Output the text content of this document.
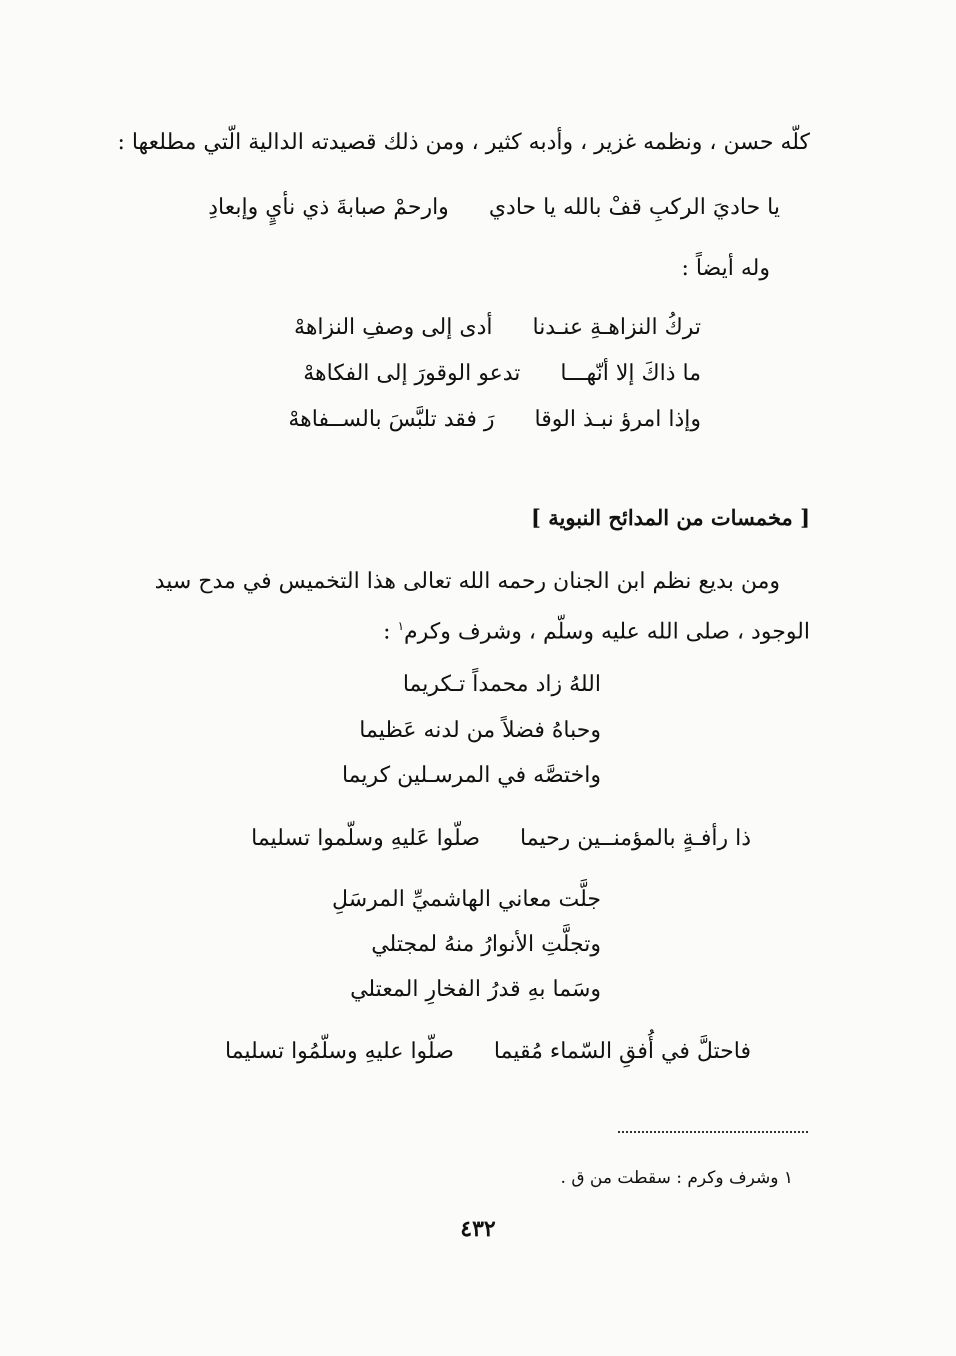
كلّه حسن ، ونظمه غزير ، وأدبه كثير ، ومن ذلك قصيدته الدالية الّتي مطلعها :
يا حاديَ الركبِ قفْ بالله يا حادي
وارحمْ صبابةَ ذي نأيٍ وإبعادِ
وله أيضاً :
تركُ النزاهـةِ عنـدنا
أدى إلى وصفِ النزاههْ
ما ذاكَ إلا أنّهـــا
تدعو الوقورَ إلى الفكاههْ
وإذا امرؤ نبـذ الوقا
رَ فقد تلبَّسَ بالســفاههْ
[ مخمسات من المدائح النبوية ]
ومن بديع نظم ابن الجنان رحمه الله تعالى هذا التخميس في مدح سيد
الوجود ، صلى الله عليه وسلّم ، وشرف وكرم$^١$ :
اللهُ زاد محمداً تـكريما
وحباهُ فضلاً من لدنه عَظيما
واختصَّه في المرسـلين كريما
ذا رأفـةٍ بالمؤمنــين رحيما
صلّوا عَليهِ وسلّموا تسليما
جلَّت معاني الهاشميِّ المرسَلِ
وتجلَّتِ الأنوارُ منهُ لمجتلي
وسَما بهِ قدرُ الفخارِ المعتلي
فاحتلَّ في أُفقِ السّماء مُقيما
صلّوا عليهِ وسلّمُوا تسليما
١ وشرف وكرم : سقطت من ق .
٤٣٢
